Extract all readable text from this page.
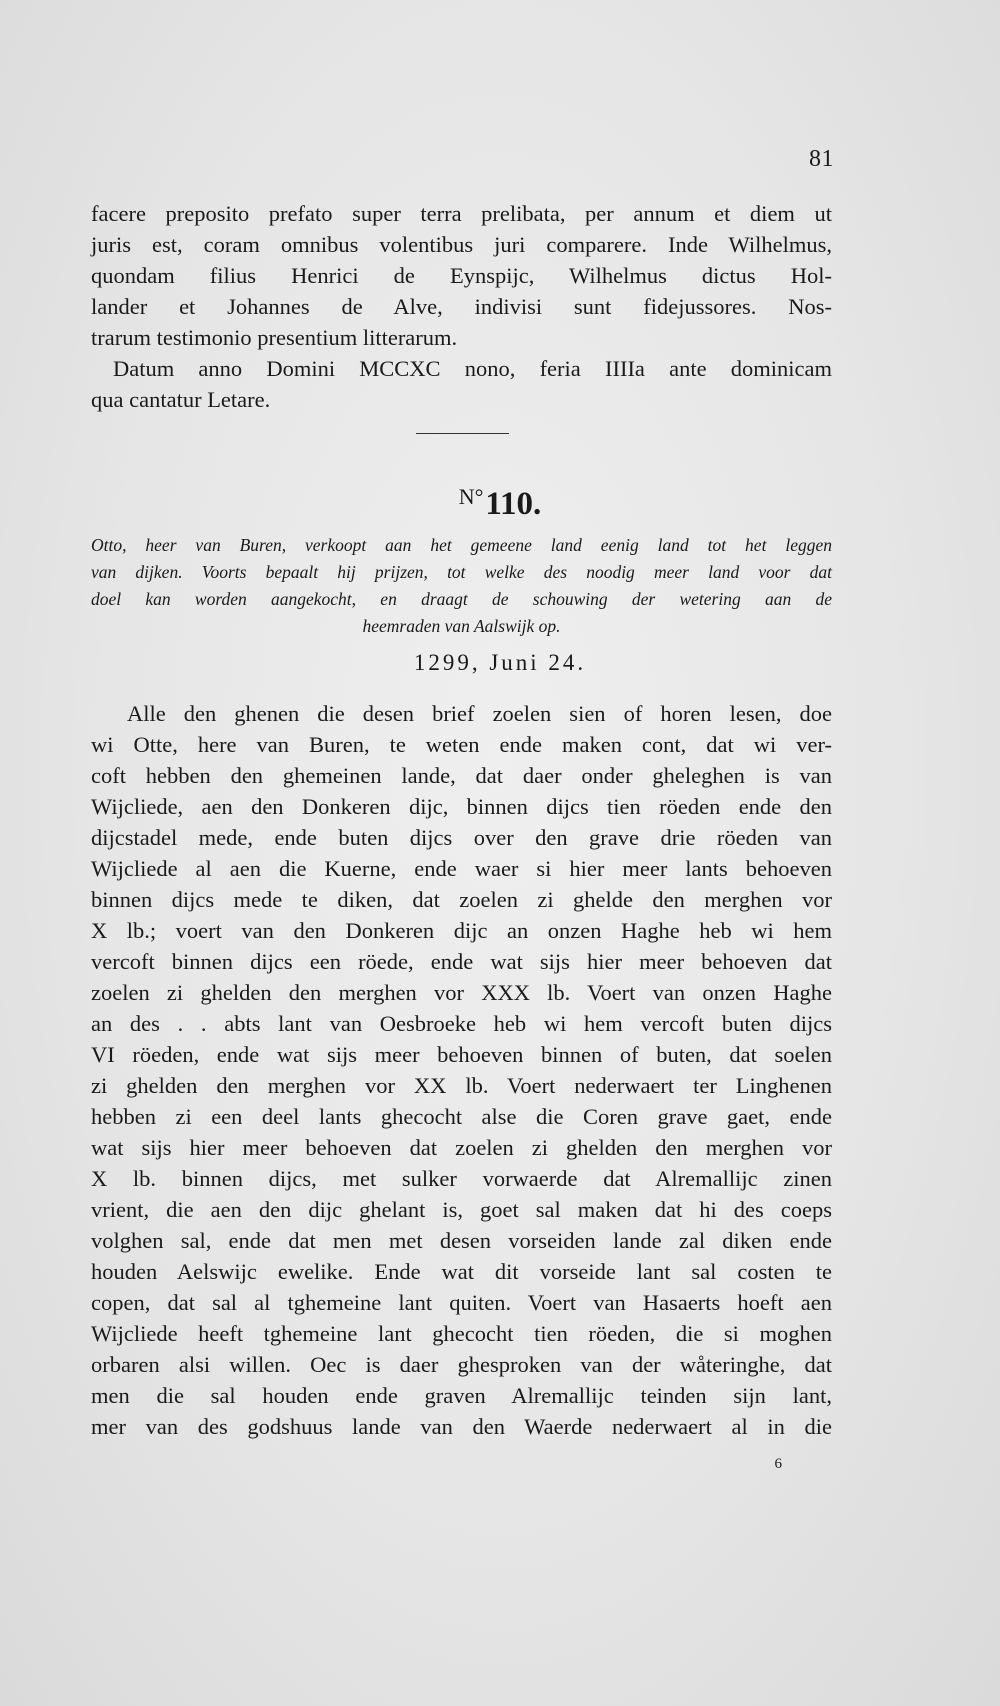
81
facere preposito prefato super terra prelibata, per annum et diem ut
juris est, coram omnibus volentibus juri comparere. Inde Wilhelmus,
quondam filius Henrici de Eynspijc, Wilhelmus dictus Hol-
lander et Johannes de Alve, indivisi sunt fidejussores. Nos-
trarum testimonio presentium litterarum.
Datum anno Domini MCCXC nono, feria IIIIa ante dominicam
qua cantatur Letare.
$^{N^\circ}$110.
Otto, heer van Buren, verkoopt aan het gemeene land eenig land tot het leggen
van dijken. Voorts bepaalt hij prijzen, tot welke des noodig meer land voor dat
doel kan worden aangekocht, en draagt de schouwing der wetering aan de
heemraden van Aalswijk op.
1299, Juni 24.
Alle den ghenen die desen brief zoelen sien of horen lesen, doe
wi Otte, here van Buren, te weten ende maken cont, dat wi ver-
coft hebben den ghemeinen lande, dat daer onder gheleghen is van
Wijcliede, aen den Donkeren dijc, binnen dijcs tien röeden ende den
dijcstadel mede, ende buten dijcs over den grave drie röeden van
Wijcliede al aen die Kuerne, ende waer si hier meer lants behoeven
binnen dijcs mede te diken, dat zoelen zi ghelde den merghen vor
X lb.; voert van den Donkeren dijc an onzen Haghe heb wi hem
vercoft binnen dijcs een röede, ende wat sijs hier meer behoeven dat
zoelen zi ghelden den merghen vor XXX lb. Voert van onzen Haghe
an des . . abts lant van Oesbroeke heb wi hem vercoft buten dijcs
VI röeden, ende wat sijs meer behoeven binnen of buten, dat soelen
zi ghelden den merghen vor XX lb. Voert nederwaert ter Linghenen
hebben zi een deel lants ghecocht alse die Coren grave gaet, ende
wat sijs hier meer behoeven dat zoelen zi ghelden den merghen vor
X lb. binnen dijcs, met sulker vorwaerde dat Alremallijc zinen
vrient, die aen den dijc ghelant is, goet sal maken dat hi des coeps
volghen sal, ende dat men met desen vorseiden lande zal diken ende
houden Aelswijc ewelike. Ende wat dit vorseide lant sal costen te
copen, dat sal al tghemeine lant quiten. Voert van Hasaerts hoeft aen
Wijcliede heeft tghemeine lant ghecocht tien röeden, die si moghen
orbaren alsi willen. Oec is daer ghesproken van der wåteringhe, dat
men die sal houden ende graven Alremallijc teinden sijn lant,
mer van des godshuus lande van den Waerde nederwaert al in die
6
